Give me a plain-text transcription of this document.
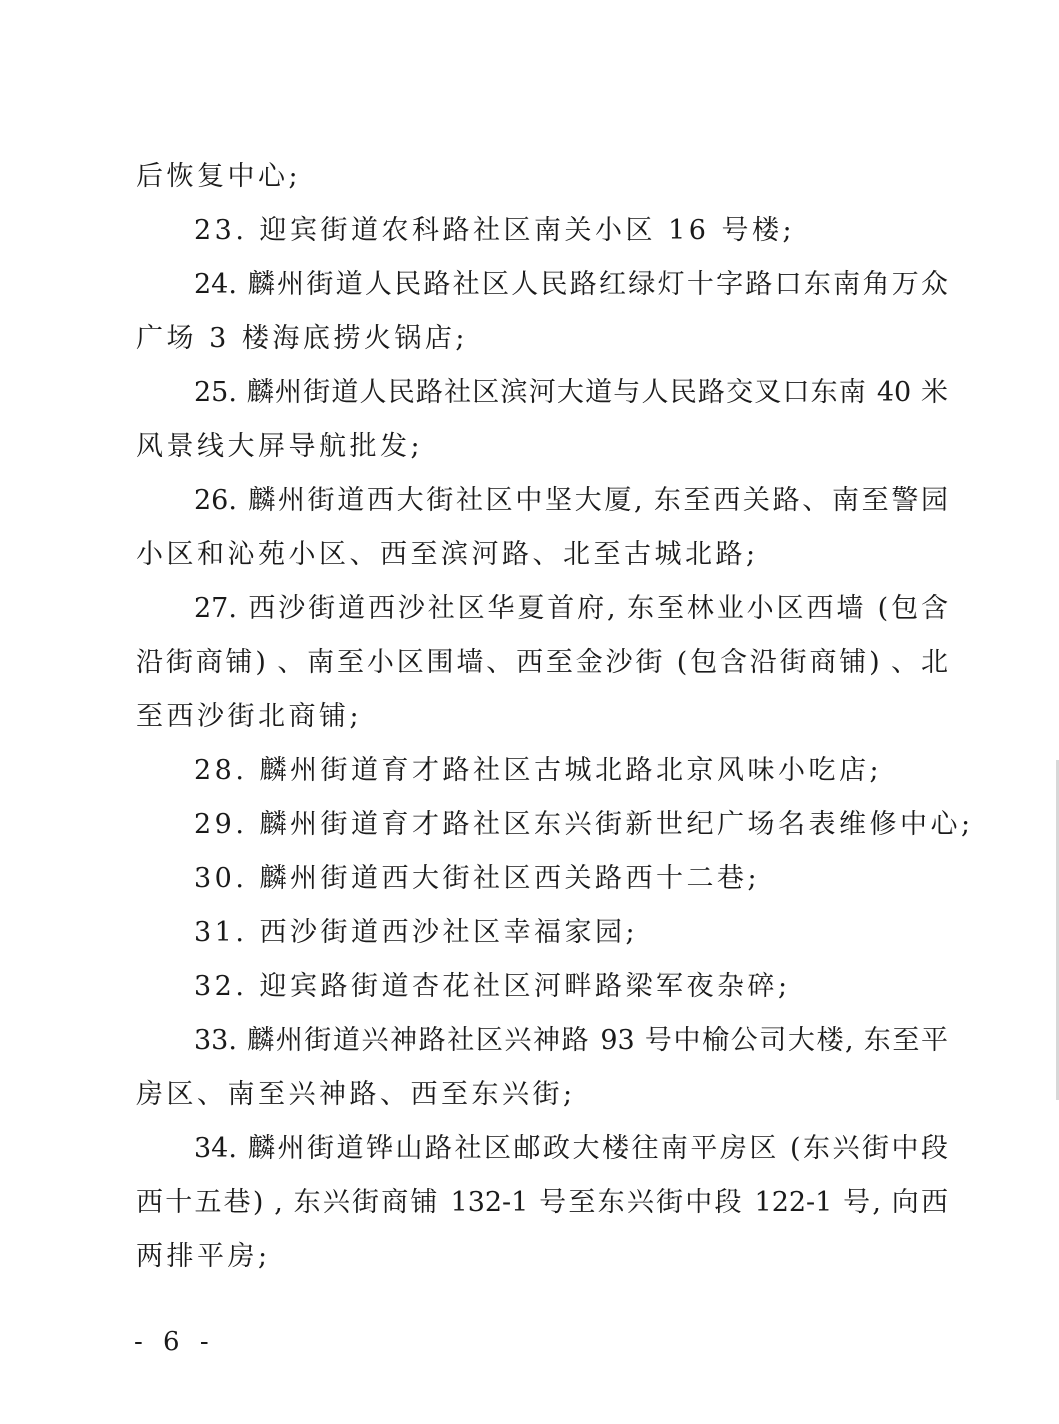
后恢复中心;
23. 迎宾街道农科路社区南关小区 16 号楼;
24. 麟州街道人民路社区人民路红绿灯十字路口东南角万众
广场 3 楼海底捞火锅店;
25. 麟州街道人民路社区滨河大道与人民路交叉口东南 40 米
风景线大屏导航批发;
26. 麟州街道西大街社区中坚大厦, 东至西关路、南至警园
小区和沁苑小区、西至滨河路、北至古城北路;
27. 西沙街道西沙社区华夏首府, 东至林业小区西墙 (包含
沿街商铺) 、南至小区围墙、西至金沙街 (包含沿街商铺) 、北
至西沙街北商铺;
28. 麟州街道育才路社区古城北路北京风味小吃店;
29. 麟州街道育才路社区东兴街新世纪广场名表维修中心;
30. 麟州街道西大街社区西关路西十二巷;
31. 西沙街道西沙社区幸福家园;
32. 迎宾路街道杏花社区河畔路梁军夜杂碎;
33. 麟州街道兴神路社区兴神路 93 号中榆公司大楼, 东至平
房区、南至兴神路、西至东兴街;
34. 麟州街道铧山路社区邮政大楼往南平房区 (东兴街中段
西十五巷) , 东兴街商铺 132-1 号至东兴街中段 122-1 号, 向西
两排平房;
- 6 -
